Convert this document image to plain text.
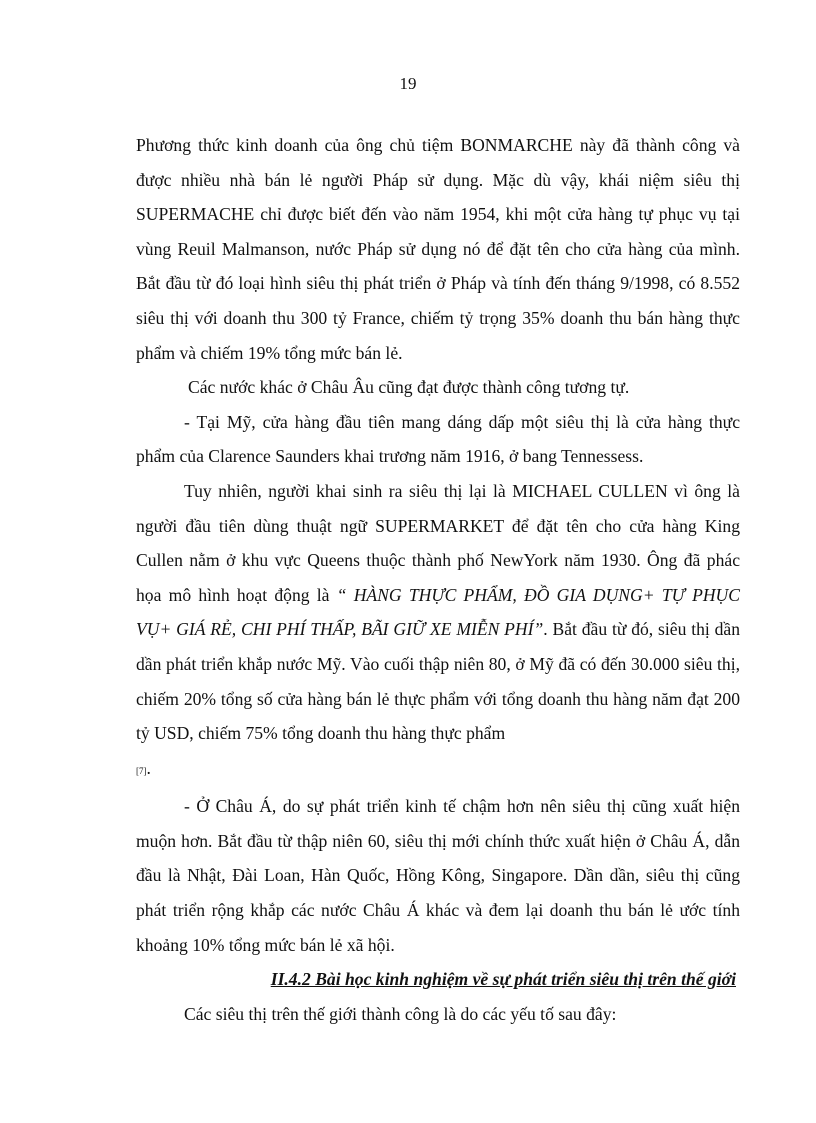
19

Phương thức kinh doanh của ông chủ tiệm BONMARCHE này đã thành công và được nhiều nhà bán lẻ người Pháp sử dụng. Mặc dù vậy, khái niệm siêu thị SUPERMACHE chỉ được biết đến vào năm 1954, khi một cửa hàng tự phục vụ tại vùng Reuil Malmanson, nước Pháp sử dụng nó để đặt tên cho cửa hàng của mình. Bắt đầu từ đó loại hình siêu thị phát triển ở Pháp và tính đến tháng 9/1998, có 8.552 siêu thị với doanh thu 300 tỷ France, chiếm tỷ trọng 35% doanh thu bán hàng thực phẩm và chiếm 19% tổng mức bán lẻ.

Các nước khác ở Châu Âu cũng đạt được thành công tương tự.

- Tại Mỹ, cửa hàng đầu tiên mang dáng dấp một siêu thị là cửa hàng thực phẩm của Clarence Saunders khai trương năm 1916, ở bang Tennessess.

Tuy nhiên, người khai sinh ra siêu thị lại là MICHAEL CULLEN vì ông là người đầu tiên dùng thuật ngữ SUPERMARKET để đặt tên cho cửa hàng King Cullen nằm ở khu vực Queens thuộc thành phố NewYork năm 1930. Ông đã phác họa mô hình hoạt động là “ HÀNG THỰC PHẨM, ĐỒ GIA DỤNG+ TỰ PHỤC VỤ+ GIÁ RẺ, CHI PHÍ THẤP, BÃI GIỮ XE MIỄN PHÍ”. Bắt đầu từ đó, siêu thị dần dần phát triển khắp nước Mỹ. Vào cuối thập niên 80, ở Mỹ đã có đến 30.000 siêu thị, chiếm 20% tổng số cửa hàng bán lẻ thực phẩm với tổng doanh thu hàng năm đạt 200 tỷ USD, chiếm 75% tổng doanh thu hàng thực phẩm
[7].

- Ở Châu Á, do sự phát triển kinh tế chậm hơn nên siêu thị cũng xuất hiện muộn hơn. Bắt đầu từ thập niên 60, siêu thị mới chính thức xuất hiện ở Châu Á, dẫn đầu là Nhật, Đài Loan, Hàn Quốc, Hồng Kông, Singapore. Dần dần, siêu thị cũng phát triển rộng khắp các nước Châu Á khác và đem lại doanh thu bán lẻ ước tính khoảng 10% tổng mức bán lẻ xã hội.

II.4.2 Bài học kinh nghiệm về sự phát triển siêu thị trên thế giới

Các siêu thị trên thế giới thành công là do các yếu tố sau đây:
